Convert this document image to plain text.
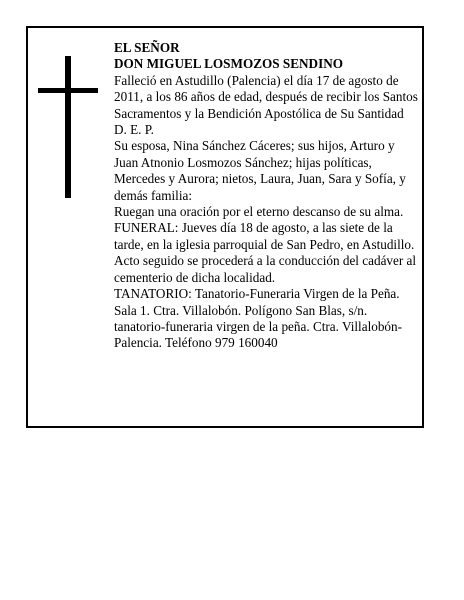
EL SEÑOR

DON MIGUEL LOSMOZOS SENDINO

Falleció en Astudillo (Palencia) el día 17 de agosto de 2011, a los 86 años de edad, después de recibir los Santos Sacramentos y la Bendición Apostólica de Su Santidad

D. E. P.

Su esposa, Nina Sánchez Cáceres; sus hijos, Arturo y Juan Atnonio Losmozos Sánchez; hijas políticas, Mercedes y Aurora; nietos, Laura, Juan, Sara y Sofía, y demás familia:

Ruegan una oración por el eterno descanso de su alma.

FUNERAL: Jueves día 18 de agosto, a las siete de la tarde, en la iglesia parroquial de San Pedro, en Astudillo. Acto seguido se procederá a la conducción del cadáver al cementerio de dicha localidad.

TANATORIO: Tanatorio-Funeraria Virgen de la Peña. Sala 1. Ctra. Villalobón. Polígono San Blas, s/n. tanatorio-funeraria virgen de la peña. Ctra. Villalobón-Palencia. Teléfono 979 160040
